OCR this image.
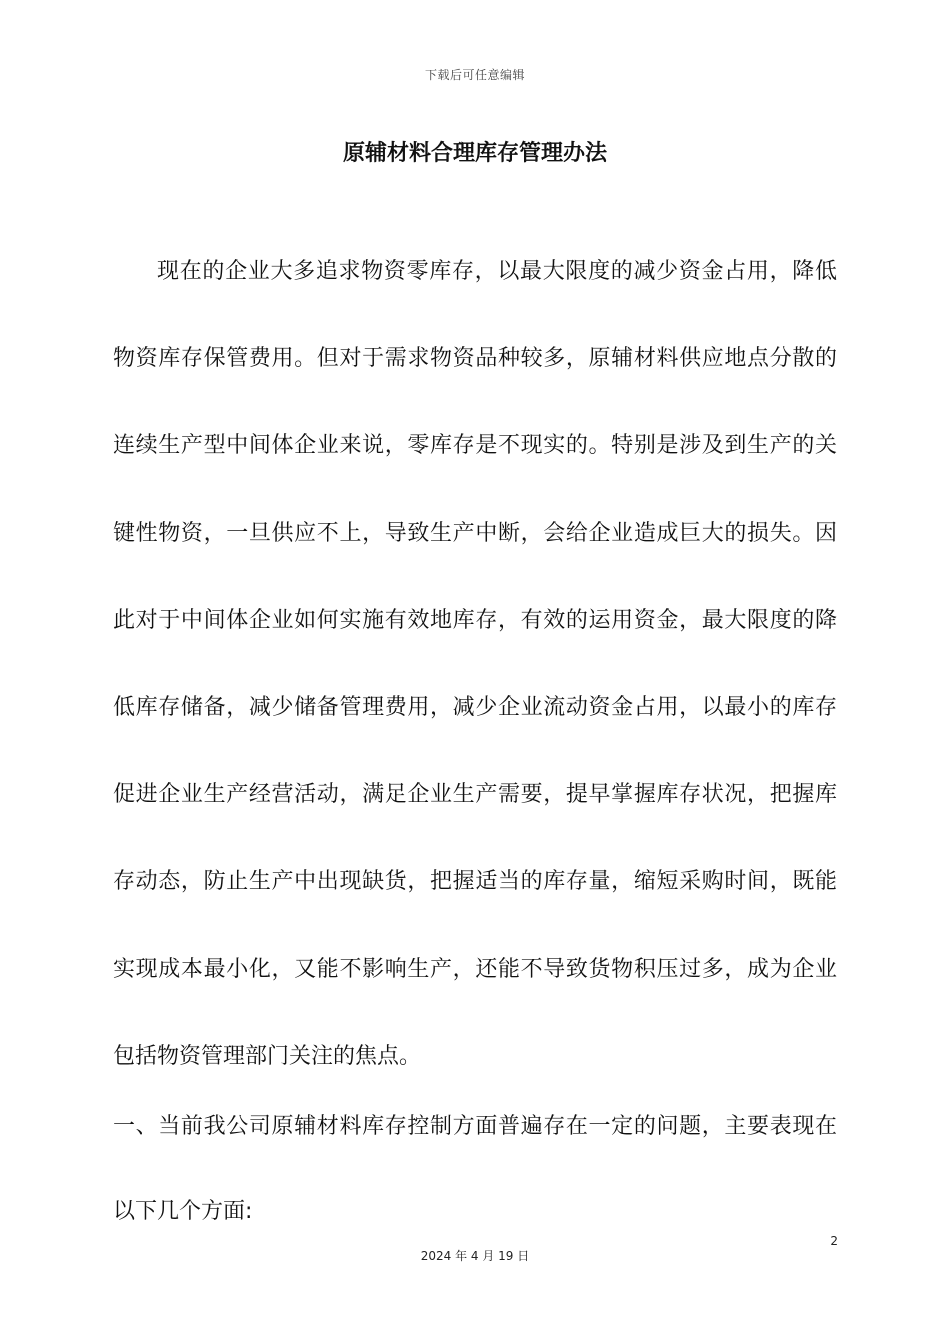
下载后可任意编辑
原辅材料合理库存管理办法
现在的企业大多追求物资零库存，以最大限度的减少资金占用，降低物资库存保管费用。但对于需求物资品种较多，原辅材料供应地点分散的连续生产型中间体企业来说，零库存是不现实的。特别是涉及到生产的关键性物资，一旦供应不上，导致生产中断，会给企业造成巨大的损失。因此对于中间体企业如何实施有效地库存，有效的运用资金，最大限度的降低库存储备，减少储备管理费用，减少企业流动资金占用，以最小的库存促进企业生产经营活动，满足企业生产需要，提早掌握库存状况，把握库存动态，防止生产中出现缺货，把握适当的库存量，缩短采购时间，既能实现成本最小化，又能不影响生产，还能不导致货物积压过多，成为企业包括物资管理部门关注的焦点。
一、当前我公司原辅材料库存控制方面普遍存在一定的问题，主要表现在以下几个方面:
2
2024 年 4 月 19 日
